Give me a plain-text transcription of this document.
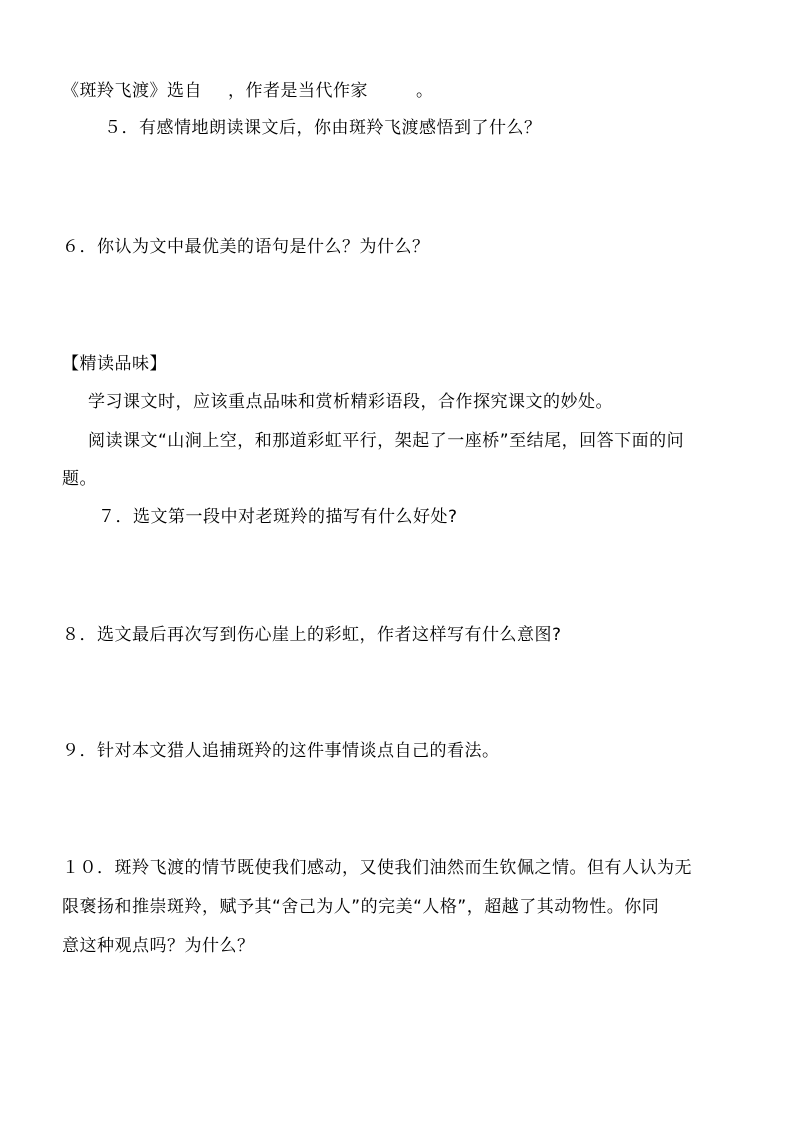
《斑羚飞渡》选自 ，作者是当代作家	。
５．有感情地朗读课文后，你由斑羚飞渡感悟到了什么？
６．你认为文中最优美的语句是什么？为什么？
【精读品味】
学习课文时，应该重点品味和赏析精彩语段，合作探究课文的妙处。
阅读课文“山涧上空，和那道彩虹平行，架起了一座桥”至结尾，回答下面的问
题。
７．选文第一段中对老斑羚的描写有什么好处?
８．选文最后再次写到伤心崖上的彩虹，作者这样写有什么意图?
９．针对本文猎人追捕斑羚的这件事情谈点自己的看法。
１０．斑羚飞渡的情节既使我们感动，又使我们油然而生钦佩之情。但有人认为无
限褒扬和推崇斑羚，赋予其“舍己为人”的完美“人格”，超越了其动物性。你同
意这种观点吗？为什么？
